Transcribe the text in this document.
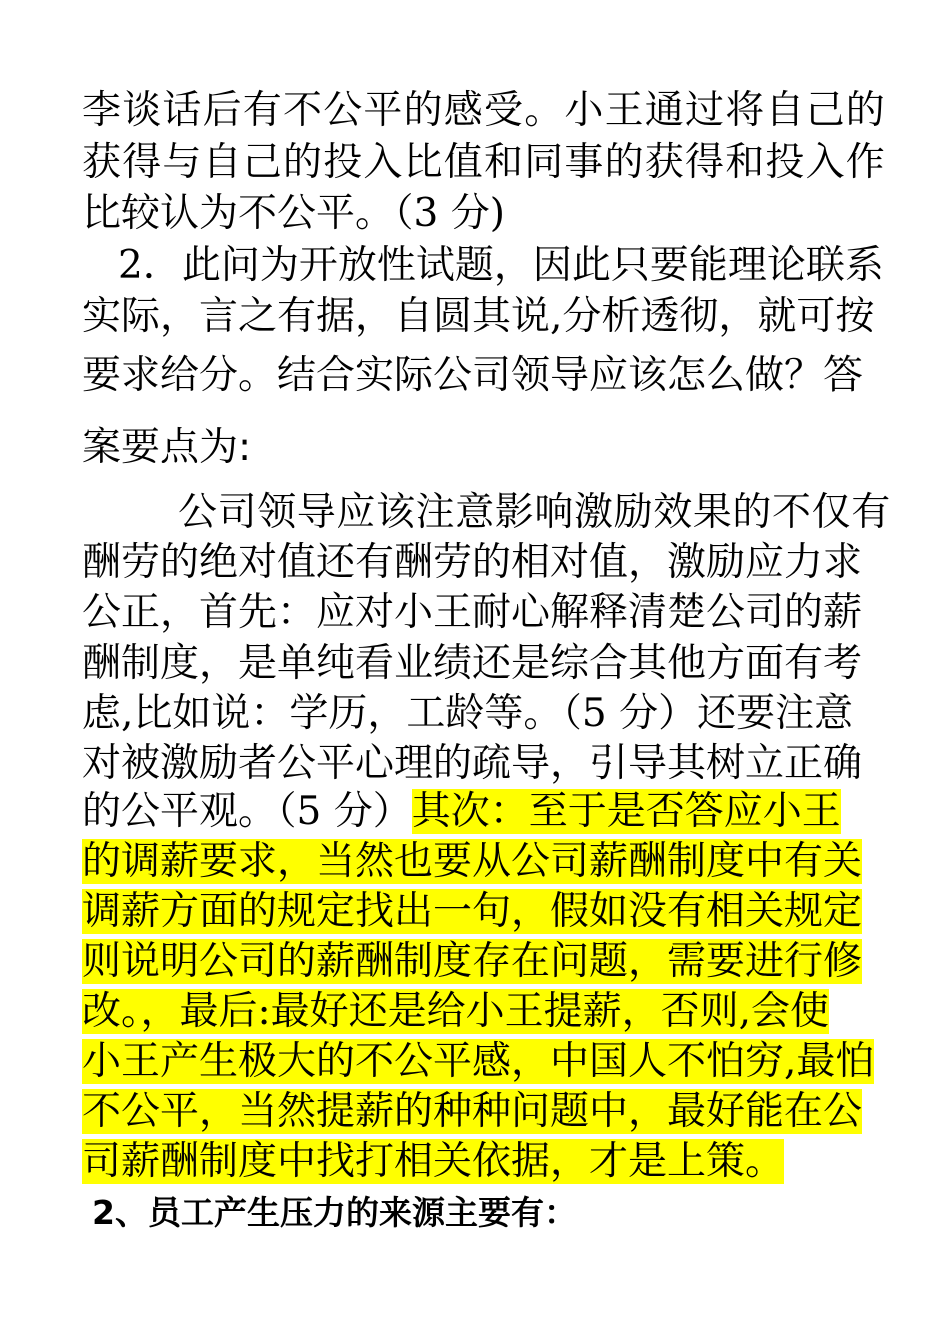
李谈话后有不公平的感受。小王通过将自己的
获得与自己的投入比值和同事的获得和投入作
比较认为不公平。（3 分)
2．此问为开放性试题，因此只要能理论联系
实际，言之有据，自圆其说,分析透彻，就可按
要求给分。结合实际公司领导应该怎么做？答
案要点为:
公司领导应该注意影响激励效果的不仅有
酬劳的绝对值还有酬劳的相对值，激励应力求
公正，首先：应对小王耐心解释清楚公司的薪
酬制度，是单纯看业绩还是综合其他方面有考
虑,比如说：学历，工龄等。（5 分）还要注意
对被激励者公平心理的疏导，引导其树立正确
的公平观。（5 分）其次：至于是否答应小王
的调薪要求，当然也要从公司薪酬制度中有关
调薪方面的规定找出一句，假如没有相关规定
则说明公司的薪酬制度存在问题，需要进行修
改。，最后:最好还是给小王提薪，否则,会使
小王产生极大的不公平感，中国人不怕穷,最怕
不公平，当然提薪的种种问题中，最好能在公
司薪酬制度中找打相关依据，才是上策。
2、员工产生压力的来源主要有：
